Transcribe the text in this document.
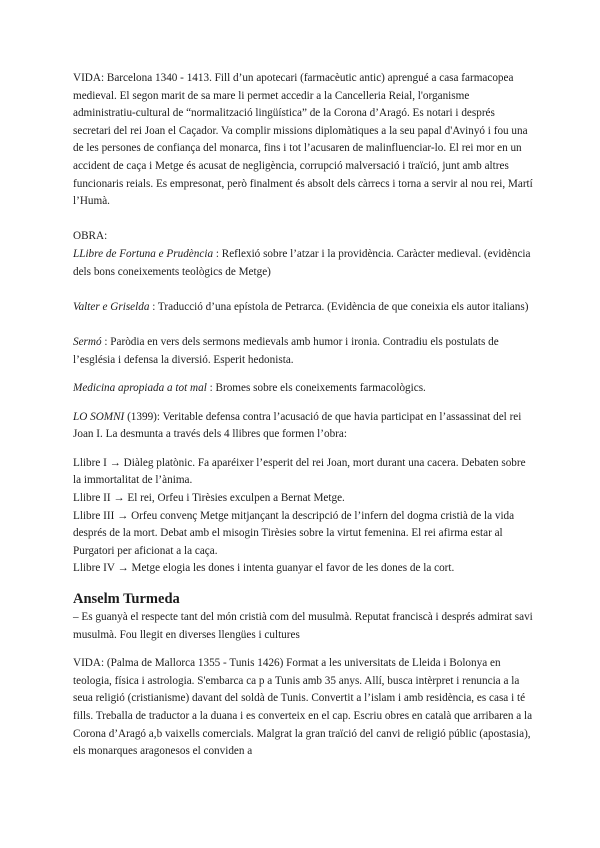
VIDA: Barcelona 1340 - 1413. Fill d’un apotecari (farmacèutic antic) aprengué a casa farmacopea medieval. El segon marit de sa mare li permet accedir a la Cancelleria Reial, l'organisme administratiu-cultural de “normalització lingüística” de la Corona d’Aragó. Es notari i després secretari del rei Joan el Caçador. Va complir missions diplomàtiques a la seu papal d'Avinyó i fou una de les persones de confiança del monarca, fins i tot l’acusaren de malinfluenciar-lo. El rei mor en un accident de caça i Metge és acusat de negligència, corrupció malversació i traïció, junt amb altres funcionaris reials. Es empresonat, però finalment és absolt dels càrrecs i torna a servir al nou rei, Martí l’Humà.

OBRA:

LLibre de Fortuna e Prudència : Reflexió sobre l’atzar i la providència. Caràcter medieval. (evidència dels bons coneixements teològics de Metge)

Valter e Griselda : Traducció d’una epístola de Petrarca. (Evidència de que coneixia els autor italians)

Sermó : Paròdia en vers dels sermons medievals amb humor i ironia. Contradiu els postulats de l’església i defensa la diversió. Esperit hedonista.

Medicina apropiada a tot mal : Bromes sobre els coneixements farmacològics.

LO SOMNI (1399): Veritable defensa contra l’acusació de que havia participat en l’assassinat del rei Joan I. La desmunta a través dels 4 llibres que formen l’obra:

Llibre I → Diàleg platònic. Fa aparéixer l’esperit del rei Joan, mort durant una cacera. Debaten sobre la immortalitat de l’ànima.

Llibre II → El rei, Orfeu i Tirèsies exculpen a Bernat Metge.

Llibre III → Orfeu convenç Metge mitjançant la descripció de l’infern del dogma cristià de la vida després de la mort. Debat amb el misogin Tirèsies sobre la virtut femenina. El rei afirma estar al Purgatori per aficionat a la caça.

Llibre IV → Metge elogia les dones i intenta guanyar el favor de les dones de la cort.

Anselm Turmeda

– Es guanyà el respecte tant del món cristià com del musulmà. Reputat franciscà i després admirat savi musulmà. Fou llegit en diverses llengües i cultures

VIDA: (Palma de Mallorca 1355 - Tunis 1426) Format a les universitats de Lleida i Bolonya en teologia, física i astrologia. S'embarca ca p a Tunis amb 35 anys. Allí, busca intèrpret i renuncia a la seua religió (cristianisme) davant del soldà de Tunis. Convertit a l’islam i amb residència, es casa i té fills. Treballa de traductor a la duana i es converteix en el cap. Escriu obres en català que arribaren a la Corona d’Aragó a,b vaixells comercials. Malgrat la gran traïció del canvi de religió públic (apostasia), els monarques aragonesos el conviden a
